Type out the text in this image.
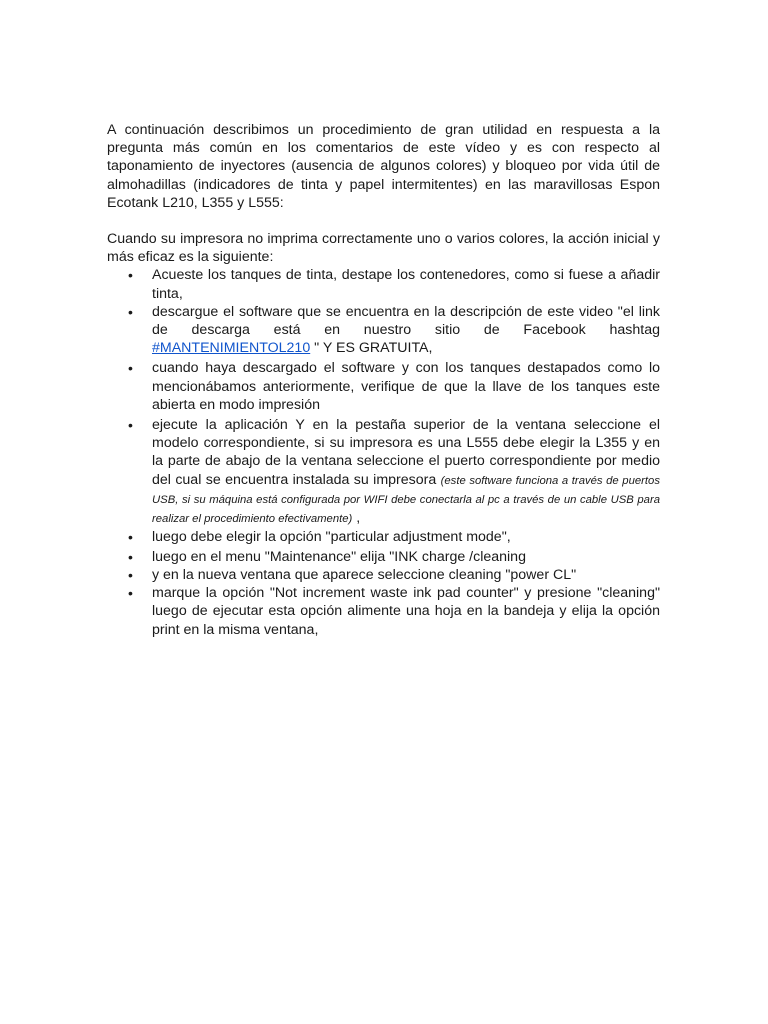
A continuación describimos un procedimiento de gran utilidad en respuesta a la pregunta más común en los comentarios de este vídeo y es con respecto al taponamiento de inyectores (ausencia de algunos colores) y bloqueo por vida útil de almohadillas (indicadores de tinta y papel intermitentes) en las maravillosas Espon Ecotank L210, L355 y L555:

Cuando su impresora no imprima correctamente uno o varios colores, la acción inicial y más eficaz es la siguiente:

• Acueste los tanques de tinta, destape los contenedores, como si fuese a añadir tinta,
• descargue el software que se encuentra en la descripción de este video "el link de descarga está en nuestro sitio de Facebook hashtag #MANTENIMIENTOL210 " Y ES GRATUITA,
• cuando haya descargado el software y con los tanques destapados como lo mencionábamos anteriormente, verifique de que la llave de los tanques este abierta en modo impresión
• ejecute la aplicación Y en la pestaña superior de la ventana seleccione el modelo correspondiente, si su impresora es una L555 debe elegir la L355 y en la parte de abajo de la ventana seleccione el puerto correspondiente por medio del cual se encuentra instalada su impresora (este software funciona a través de puertos USB, si su máquina está configurada por WIFI debe conectarla al pc a través de un cable USB para realizar el procedimiento efectivamente) ,
• luego debe elegir la opción "particular adjustment mode",
• luego en el menu "Maintenance" elija "INK charge /cleaning
• y en la nueva ventana que aparece seleccione cleaning "power CL"
• marque la opción "Not increment waste ink pad counter" y presione "cleaning" luego de ejecutar esta opción alimente una hoja en la bandeja y elija la opción print en la misma ventana,
